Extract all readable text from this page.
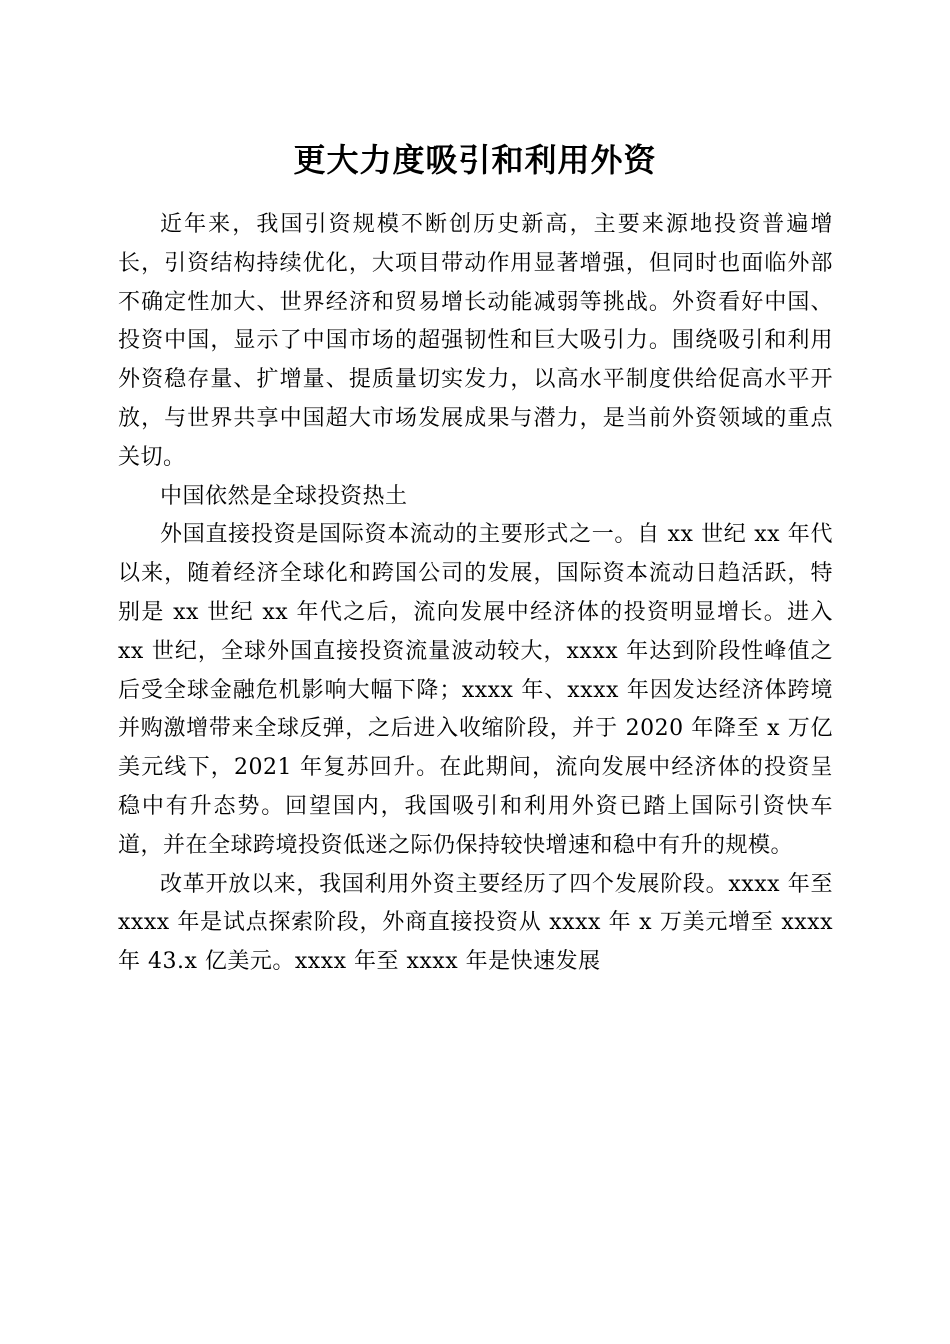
更大力度吸引和利用外资

近年来，我国引资规模不断创历史新高，主要来源地投资普遍增长，引资结构持续优化，大项目带动作用显著增强，但同时也面临外部不确定性加大、世界经济和贸易增长动能减弱等挑战。外资看好中国、投资中国，显示了中国市场的超强韧性和巨大吸引力。围绕吸引和利用外资稳存量、扩增量、提质量切实发力，以高水平制度供给促高水平开放，与世界共享中国超大市场发展成果与潜力，是当前外资领域的重点关切。

中国依然是全球投资热土

外国直接投资是国际资本流动的主要形式之一。自 xx 世纪 xx 年代以来，随着经济全球化和跨国公司的发展，国际资本流动日趋活跃，特别是 xx 世纪 xx 年代之后，流向发展中经济体的投资明显增长。进入 xx 世纪，全球外国直接投资流量波动较大，xxxx 年达到阶段性峰值之后受全球金融危机影响大幅下降；xxxx 年、xxxx 年因发达经济体跨境并购激增带来全球反弹，之后进入收缩阶段，并于 2020 年降至 x 万亿美元线下，2021 年复苏回升。在此期间，流向发展中经济体的投资呈稳中有升态势。回望国内，我国吸引和利用外资已踏上国际引资快车道，并在全球跨境投资低迷之际仍保持较快增速和稳中有升的规模。

改革开放以来，我国利用外资主要经历了四个发展阶段。xxxx 年至 xxxx 年是试点探索阶段，外商直接投资从 xxxx 年 x 万美元增至 xxxx 年 43.x 亿美元。xxxx 年至 xxxx 年是快速发展
